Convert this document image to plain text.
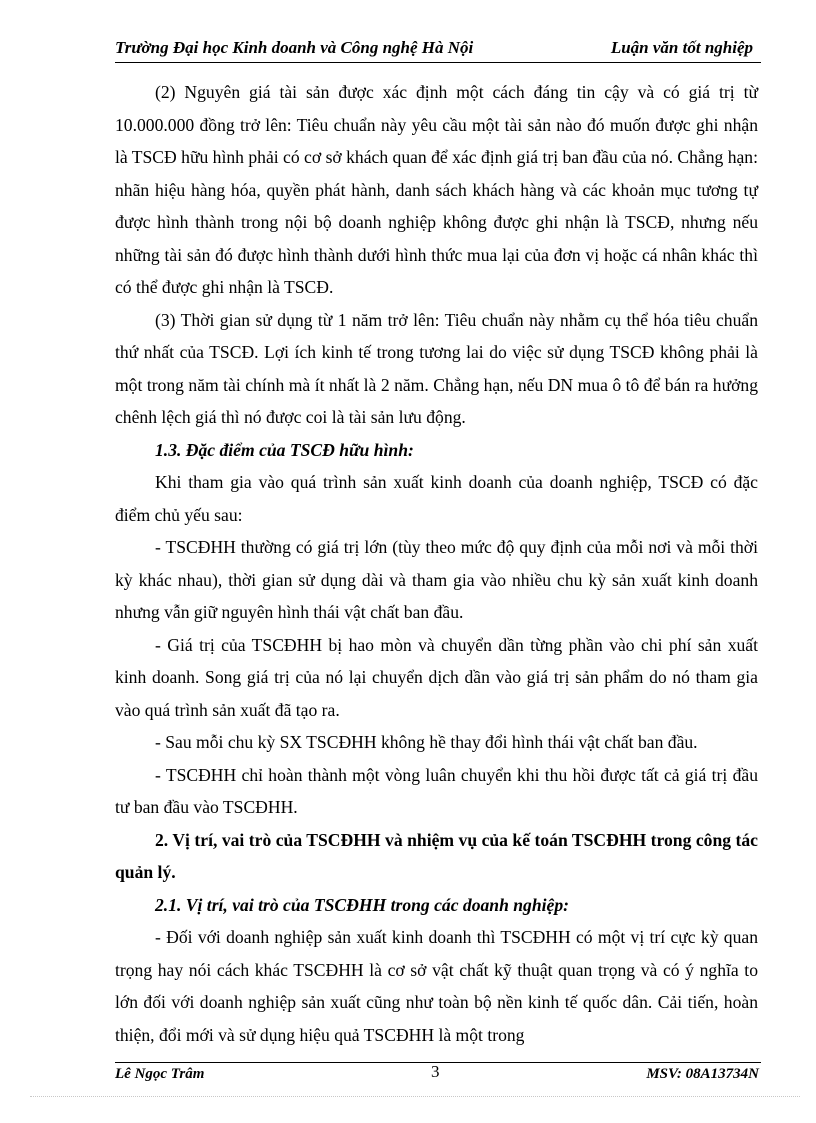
Trường Đại học Kinh doanh và Công nghệ Hà Nội	Luận văn tốt nghiệp

(2) Nguyên giá tài sản được xác định một cách đáng tin cậy và có giá trị từ 10.000.000 đồng trở lên: Tiêu chuẩn này yêu cầu một tài sản nào đó muốn được ghi nhận là TSCĐ hữu hình phải có cơ sở khách quan để xác định giá trị ban đầu của nó. Chẳng hạn: nhãn hiệu hàng hóa, quyền phát hành, danh sách khách hàng và các khoản mục tương tự được hình thành trong nội bộ doanh nghiệp không được ghi nhận là TSCĐ, nhưng nếu những tài sản đó được hình thành dưới hình thức mua lại của đơn vị hoặc cá nhân khác thì có thể được ghi nhận là TSCĐ.

(3) Thời gian sử dụng từ 1 năm trở lên: Tiêu chuẩn này nhằm cụ thể hóa tiêu chuẩn thứ nhất của TSCĐ. Lợi ích kinh tế trong tương lai do việc sử dụng TSCĐ không phải là một trong năm tài chính mà ít nhất là 2 năm. Chẳng hạn, nếu DN mua ô tô để bán ra hưởng chênh lệch giá thì nó được coi là tài sản lưu động.

1.3. Đặc điểm của TSCĐ hữu hình:

Khi tham gia vào quá trình sản xuất kinh doanh của doanh nghiệp, TSCĐ có đặc điểm chủ yếu sau:

- TSCĐHH thường có giá trị lớn (tùy theo mức độ quy định của mỗi nơi và mỗi thời kỳ khác nhau), thời gian sử dụng dài và tham gia vào nhiều chu kỳ sản xuất kinh doanh nhưng vẫn giữ nguyên hình thái vật chất ban đầu.

- Giá trị của TSCĐHH bị hao mòn và chuyển dần từng phần vào chi phí sản xuất kinh doanh. Song giá trị của nó lại chuyển dịch dần vào giá trị sản phẩm do nó tham gia vào quá trình sản xuất đã tạo ra.

- Sau mỗi chu kỳ SX TSCĐHH không hề thay đổi hình thái vật chất ban đầu.

- TSCĐHH chỉ hoàn thành một vòng luân chuyển khi thu hồi được tất cả giá trị đầu tư ban đầu vào TSCĐHH.

2. Vị trí, vai trò của TSCĐHH và nhiệm vụ của kế toán TSCĐHH trong công tác quản lý.

2.1. Vị trí, vai trò của TSCĐHH trong các doanh nghiệp:

- Đối với doanh nghiệp sản xuất kinh doanh thì TSCĐHH có một vị trí cực kỳ quan trọng hay nói cách khác TSCĐHH là cơ sở vật chất kỹ thuật quan trọng và có ý nghĩa to lớn đối với doanh nghiệp sản xuất cũng như toàn bộ nền kinh tế quốc dân. Cải tiến, hoàn thiện, đổi mới và sử dụng hiệu quả TSCĐHH là một trong

Lê Ngọc Trâm	3	MSV: 08A13734N
